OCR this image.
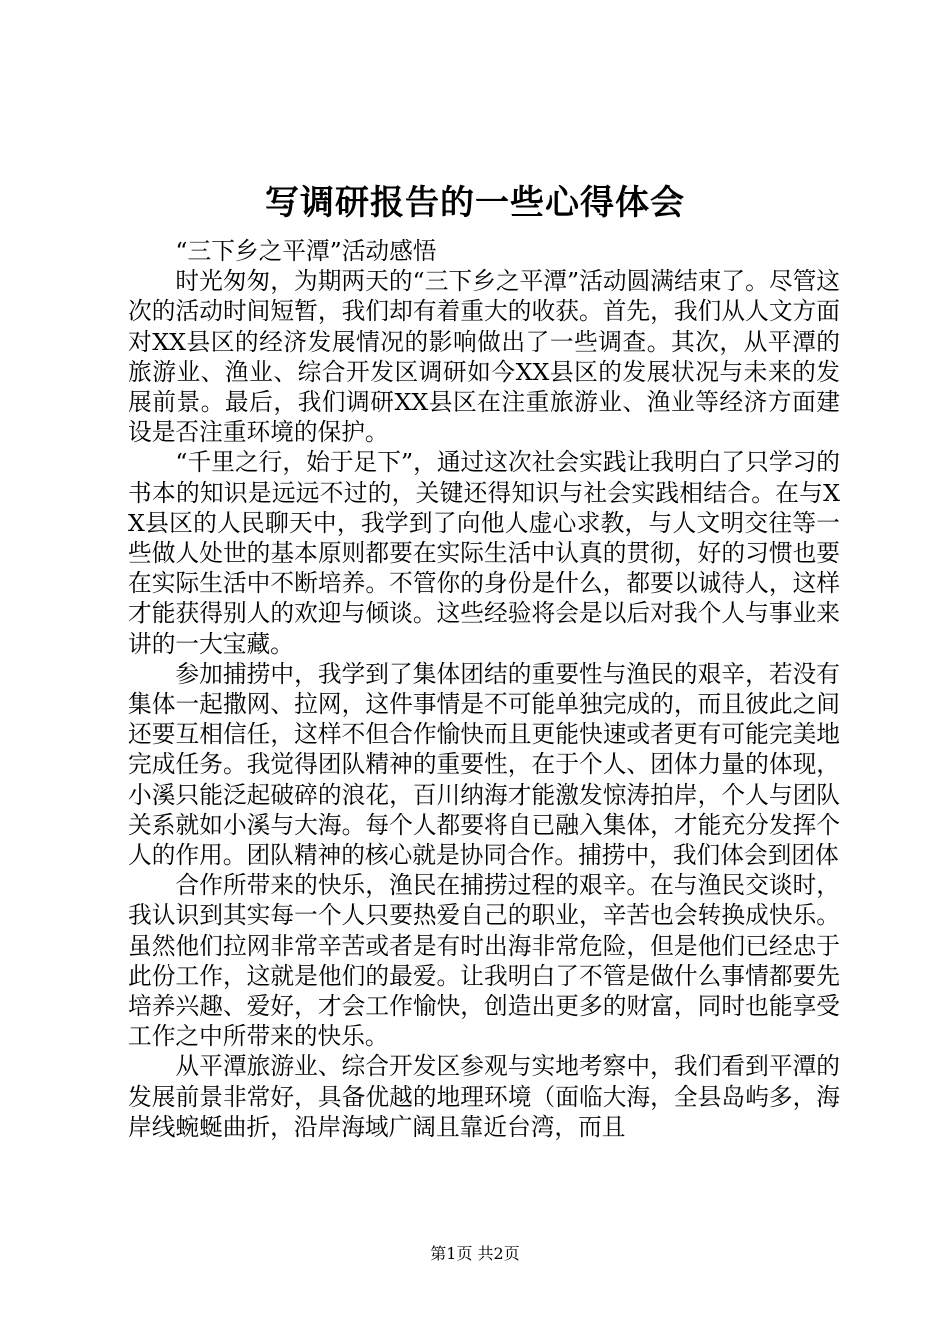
写调研报告的一些心得体会

“三下乡之平潭”活动感悟

时光匆匆，为期两天的“三下乡之平潭”活动圆满结束了。尽管这次的活动时间短暂，我们却有着重大的收获。首先，我们从人文方面对XX县区的经济发展情况的影响做出了一些调查。其次，从平潭的旅游业、渔业、综合开发区调研如今XX县区的发展状况与未来的发展前景。最后，我们调研XX县区在注重旅游业、渔业等经济方面建设是否注重环境的保护。

“千里之行，始于足下”，通过这次社会实践让我明白了只学习的书本的知识是远远不过的，关键还得知识与社会实践相结合。在与XX县区的人民聊天中，我学到了向他人虚心求教，与人文明交往等一些做人处世的基本原则都要在实际生活中认真的贯彻，好的习惯也要在实际生活中不断培养。不管你的身份是什么，都要以诚待人，这样才能获得别人的欢迎与倾谈。这些经验将会是以后对我个人与事业来讲的一大宝藏。

参加捕捞中，我学到了集体团结的重要性与渔民的艰辛，若没有集体一起撒网、拉网，这件事情是不可能单独完成的，而且彼此之间还要互相信任，这样不但合作愉快而且更能快速或者更有可能完美地完成任务。我觉得团队精神的重要性，在于个人、团体力量的体现，小溪只能泛起破碎的浪花，百川纳海才能激发惊涛拍岸，个人与团队关系就如小溪与大海。每个人都要将自已融入集体，才能充分发挥个人的作用。团队精神的核心就是协同合作。捕捞中，我们体会到团体

合作所带来的快乐，渔民在捕捞过程的艰辛。在与渔民交谈时，我认识到其实每一个人只要热爱自己的职业，辛苦也会转换成快乐。虽然他们拉网非常辛苦或者是有时出海非常危险，但是他们已经忠于此份工作，这就是他们的最爱。让我明白了不管是做什么事情都要先培养兴趣、爱好，才会工作愉快，创造出更多的财富，同时也能享受工作之中所带来的快乐。

从平潭旅游业、综合开发区参观与实地考察中，我们看到平潭的发展前景非常好，具备优越的地理环境（面临大海，全县岛屿多，海岸线蜿蜒曲折，沿岸海域广阔且靠近台湾，而且

第1页 共2页
